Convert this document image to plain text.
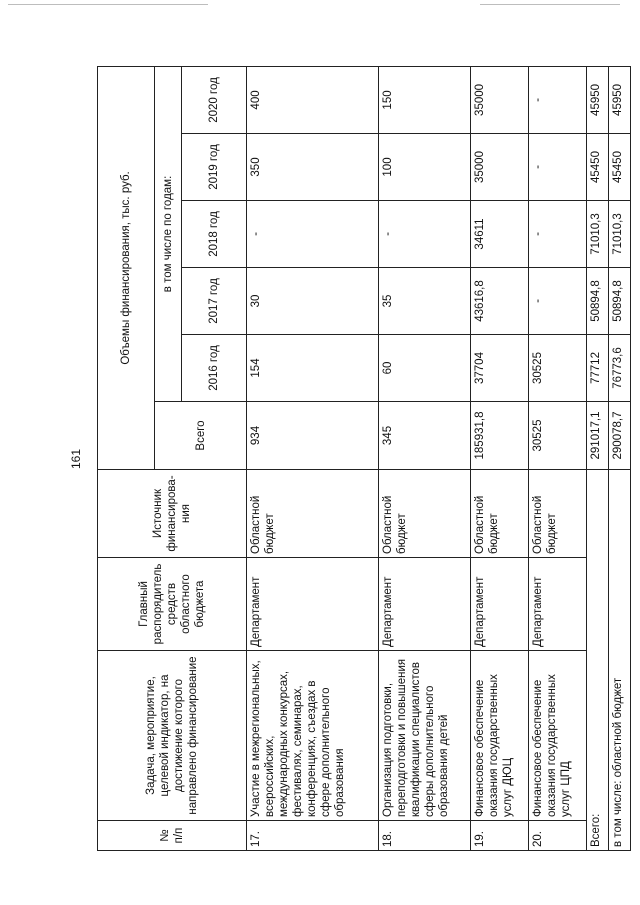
161
№ п/п	Задача, мероприятие, целевой индикатор, на достижение которого направлено финансирование	Главный распорядитель средств областного бюджета	Источник финансирова-ния	Объемы финансирования, тыс. руб.					
				Всего	в том числе по годам:				
					2016 год	2017 год	2018 год	2019 год	2020 год
17.	Участие в межрегиональных, всероссийских, международных конкурсах, фестивалях, семинарах, конференциях, съездах в сфере дополнительного образования	Департамент	Областной бюджет	934	154	30	-	350	400
18.	Организация подготовки, переподготовки и повышения квалификации специалистов сферы дополнительного образования детей	Департамент	Областной бюджет	345	60	35	-	100	150
19.	Финансовое обеспечение оказания государственных услуг ДЮЦ	Департамент	Областной бюджет	185931,8	37704	43616,8	34611	35000	35000
20.	Финансовое обеспечение оказания государственных услуг ЦПД	Департамент	Областной бюджет	30525	30525	-	-	-	-
Всего:				291017,1	77712	50894,8	71010,3	45450	45950
в том числе: областной бюджет				290078,7	76773,6	50894,8	71010,3	45450	45950
